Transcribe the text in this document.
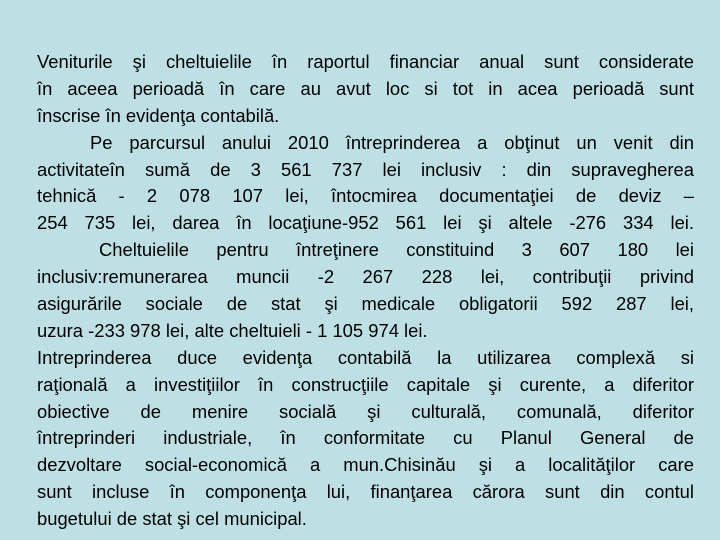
Veniturile şi cheltuielile în raportul financiar anual sunt considerate
în aceea perioadă în care au avut loc si tot in acea perioadă sunt
înscrise în evidenţa contabilă.
Pe parcursul anului 2010 întreprinderea a obţinut un venit din
activitateîn sumă de 3 561 737 lei inclusiv : din supravegherea
tehnică - 2 078 107 lei, întocmirea documentaţiei de deviz –
254 735 lei, darea în locaţiune-952 561 lei şi altele -276 334 lei.
Cheltuielile pentru întreţinere constituind 3 607 180 lei
inclusiv:remunerarea muncii -2 267 228 lei, contribuţii privind
asigurările sociale de stat şi medicale obligatorii 592 287 lei,
uzura -233 978 lei, alte cheltuieli - 1 105 974 lei.
Intreprinderea duce evidenţa contabilă la utilizarea complexă si
raţională a investiţiilor în construcţiile capitale şi curente, a diferitor
obiective de menire socială şi culturală, comunală, diferitor
întreprinderi industriale, în conformitate cu Planul General de
dezvoltare social-economică a mun.Chisinău şi a localităţilor care
sunt incluse în componenţa lui, finanţarea cărora sunt din contul
bugetului de stat şi cel municipal.
